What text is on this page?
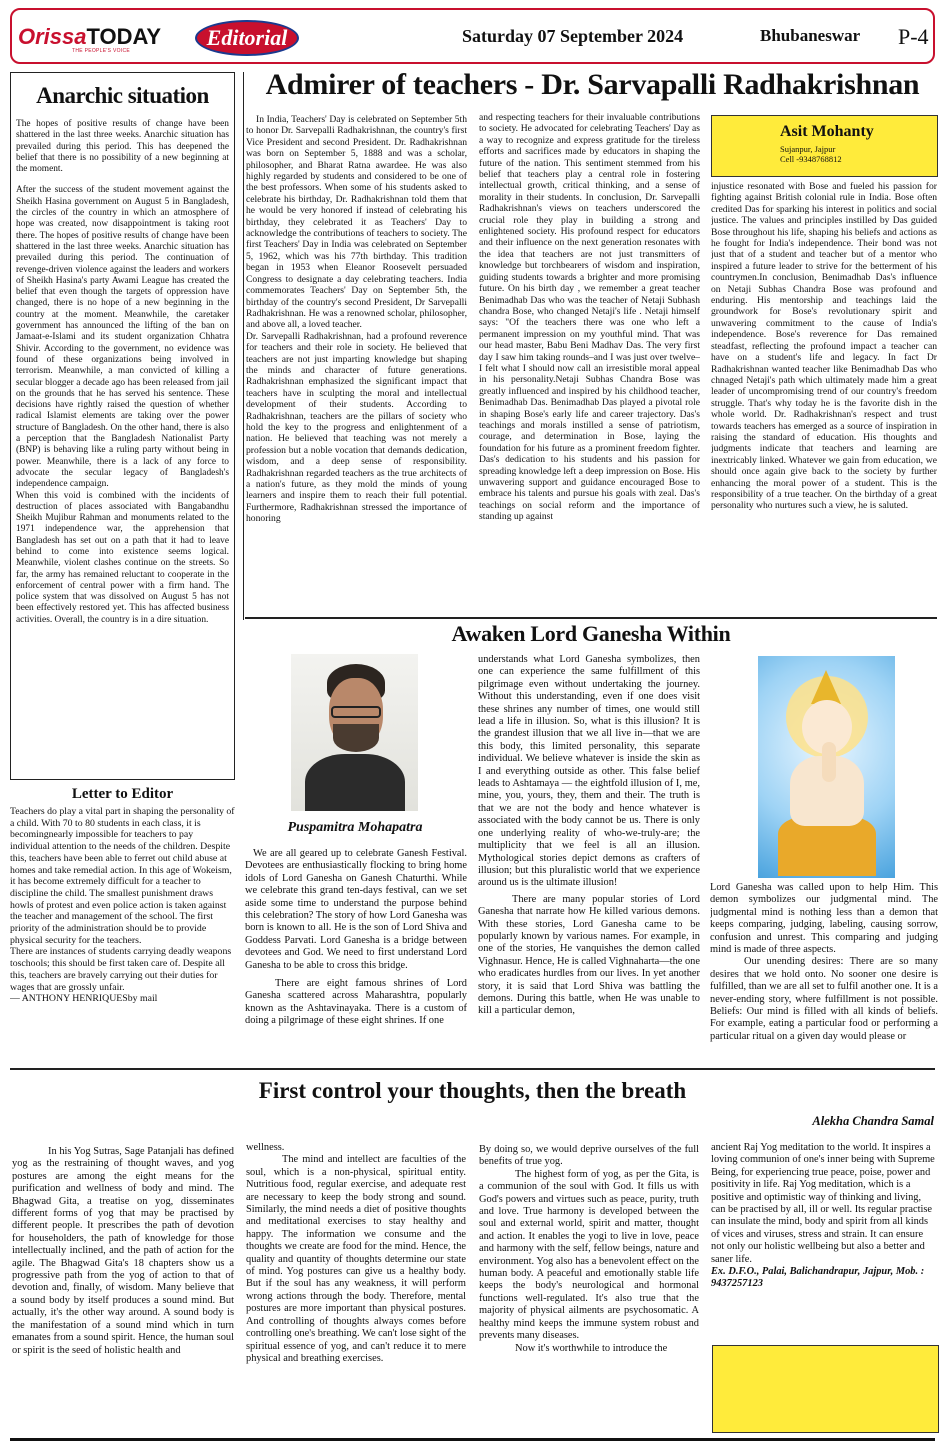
OrissaTODAY
THE PEOPLE'S VOICE
Editorial	Saturday 07 September 2024	Bhubaneswar P-4
Anarchic situation
The hopes of positive results of change have been shattered in the last three weeks. Anarchic situation has prevailed during this period. This has deepened the belief that there is no possibility of a new beginning at the moment.
After the success of the student movement against the Sheikh Hasina government on August 5 in Bangladesh, the circles of the country in which an atmosphere of hope was created, now disappointment is taking root there. The hopes of positive results of change have been shattered in the last three weeks. Anarchic situation has prevailed during this period. The continuation of revenge-driven violence against the leaders and workers of Sheikh Hasina's party Awami League has created the belief that even though the targets of oppression have changed, there is no hope of a new beginning in the country at the moment. Meanwhile, the caretaker government has announced the lifting of the ban on Jamaat-e-Islami and its student organization Chhatra Shivir. According to the government, no evidence was found of these organizations being involved in terrorism. Meanwhile, a man convicted of killing a secular blogger a decade ago has been released from jail on the grounds that he has served his sentence. These decisions have rightly raised the question of whether radical Islamist elements are taking over the power structure of Bangladesh. On the other hand, there is also a perception that the Bangladesh Nationalist Party (BNP) is behaving like a ruling party without being in power. Meanwhile, there is a lack of any force to advocate the secular legacy of Bangladesh's independence campaign.
When this void is combined with the incidents of destruction of places associated with Bangabandhu Sheikh Mujibur Rahman and monuments related to the 1971 independence war, the apprehension that Bangladesh has set out on a path that it had to leave behind to come into existence seems logical. Meanwhile, violent clashes continue on the streets. So far, the army has remained reluctant to cooperate in the enforcement of central power with a firm hand. The police system that was dissolved on August 5 has not been effectively restored yet. This has affected business activities. Overall, the country is in a dire situation.
Letter to Editor
Teachers do play a vital part in shaping the personality of a child. With 70 to 80 students in each class, it is becomingnearly impossible for teachers to pay individual attention to the needs of the children. Despite this, teachers have been able to ferret out child abuse at homes and take remedial action. In this age of Wokeism, it has become extremely difficult for a teacher to discipline the child. The smallest punishment draws howls of protest and even police action is taken against the teacher and management of the school. The first priority of the administration should be to provide physical security for the teachers.
There are instances of students carrying deadly weapons toschools; this should be first taken care of. Despite all this, teachers are bravely carrying out their duties for wages that are grossly unfair.
— ANTHONY HENRIQUESby mail
Admirer of teachers - Dr. Sarvapalli Radhakrishnan
In India, Teachers' Day is celebrated on September 5th to honor Dr. Sarvepalli Radhakrishnan, the country's first Vice President and second President. Dr. Radhakrishnan was born on September 5, 1888 and was a scholar, philosopher, and Bharat Ratna awardee. He was also highly regarded by students and considered to be one of the best professors. When some of his students asked to celebrate his birthday, Dr. Radhakrishnan told them that he would be very honored if instead of celebrating his birthday, they celebrated it as Teachers' Day to acknowledge the contributions of teachers to society. The first Teachers' Day in India was celebrated on September 5, 1962, which was his 77th birthday. This tradition began in 1953 when Eleanor Roosevelt persuaded Congress to designate a day celebrating teachers. India commemorates Teachers' Day on September 5th, the birthday of the country's second President, Dr Sarvepalli Radhakrishnan. He was a renowned scholar, philosopher, and above all, a loved teacher.
Dr. Sarvepalli Radhakrishnan, had a profound reverence for teachers and their role in society. He believed that teachers are not just imparting knowledge but shaping the minds and character of future generations. Radhakrishnan emphasized the significant impact that teachers have in sculpting the moral and intellectual development of their students. According to Radhakrishnan, teachers are the pillars of society who hold the key to the progress and enlightenment of a nation. He believed that teaching was not merely a profession but a noble vocation that demands dedication, wisdom, and a deep sense of responsibility. Radhakrishnan regarded teachers as the true architects of a nation's future, as they mold the minds of young learners and inspire them to reach their full potential. Furthermore, Radhakrishnan stressed the importance of honoring
and respecting teachers for their invaluable contributions to society. He advocated for celebrating Teachers' Day as a way to recognize and express gratitude for the tireless efforts and sacrifices made by educators in shaping the future of the nation. This sentiment stemmed from his belief that teachers play a central role in fostering intellectual growth, critical thinking, and a sense of morality in their students. In conclusion, Dr. Sarvepalli Radhakrishnan's views on teachers underscored the crucial role they play in building a strong and enlightened society. His profound respect for educators and their influence on the next generation resonates with the idea that teachers are not just transmitters of knowledge but torchbearers of wisdom and inspiration, guiding students towards a brighter and more promising future. On his birth day , we remember a great teacher Benimadhab Das who was the teacher of Netaji Subhash chandra Bose, who changed Netaji's life . Netaji himself says: "Of the teachers there was one who left a permanent impression on my youthful mind. That was our head master, Babu Beni Madhav Das. The very first day I saw him taking rounds–and I was just over twelve–I felt what I should now call an irresistible moral appeal in his personality.Netaji Subhas Chandra Bose was greatly influenced and inspired by his childhood teacher, Benimadhab Das. Benimadhab Das played a pivotal role in shaping Bose's early life and career trajectory. Das's teachings and morals instilled a sense of patriotism, courage, and determination in Bose, laying the foundation for his future as a prominent freedom fighter. Das's dedication to his students and his passion for spreading knowledge left a deep impression on Bose. His unwavering support and guidance encouraged Bose to embrace his talents and pursue his goals with zeal. Das's teachings on social reform and the importance of standing up against
Asit Mohanty
Sujanpur, Jajpur
Cell -9348768812
injustice resonated with Bose and fueled his passion for fighting against British colonial rule in India. Bose often credited Das for sparking his interest in politics and social justice. The values and principles instilled by Das guided Bose throughout his life, shaping his beliefs and actions as he fought for India's independence. Their bond was not just that of a student and teacher but of a mentor who inspired a future leader to strive for the betterment of his countrymen.In conclusion, Benimadhab Das's influence on Netaji Subhas Chandra Bose was profound and enduring. His mentorship and teachings laid the groundwork for Bose's revolutionary spirit and unwavering commitment to the cause of India's independence. Bose's reverence for Das remained steadfast, reflecting the profound impact a teacher can have on a student's life and legacy. In fact Dr Radhakrishnan wanted teacher like Benimadhab Das who chnaged Netaji's path which ultimately made him a great leader of uncompromising trend of our country's freedom struggle. That's why today he is the favorite dish in the whole world. Dr. Radhakrishnan's respect and trust towards teachers has emerged as a source of inspiration in raising the standard of education. His thoughts and judgments indicate that teachers and learning are inextricably linked. Whatever we gain from education, we should once again give back to the society by further enhancing the moral power of a student. This is the responsibility of a true teacher. On the birthday of a great personality who nurtures such a view, he is saluted.
Awaken Lord Ganesha Within
Puspamitra Mohapatra
We are all geared up to celebrate Ganesh Festival. Devotees are enthusiastically flocking to bring home idols of Lord Ganesha on Ganesh Chaturthi. While we celebrate this grand ten-days festival, can we set aside some time to understand the purpose behind this celebration? The story of how Lord Ganesha was born is known to all. He is the son of Lord Shiva and Goddess Parvati. Lord Ganesha is a bridge between devotees and God. We need to first understand Lord Ganesha to be able to cross this bridge.
There are eight famous shrines of Lord Ganesha scattered across Maharashtra, popularly known as the Ashtavinayaka. There is a custom of doing a pilgrimage of these eight shrines. If one
understands what Lord Ganesha symbolizes, then one can experience the same fulfillment of this pilgrimage even without undertaking the journey. Without this understanding, even if one does visit these shrines any number of times, one would still lead a life in illusion. So, what is this illusion? It is the grandest illusion that we all live in—that we are this body, this limited personality, this separate individual. We believe whatever is inside the skin as I and everything outside as other. This false belief leads to Ashtamaya — the eightfold illusion of I, me, mine, you, yours, they, them and their. The truth is that we are not the body and hence whatever is associated with the body cannot be us. There is only one underlying reality of who-we-truly-are; the multiplicity that we feel is all an illusion. Mythological stories depict demons as crafters of illusion; but this pluralistic world that we experience around us is the ultimate illusion!
There are many popular stories of Lord Ganesha that narrate how He killed various demons. With these stories, Lord Ganesha came to be popularly known by various names. For example, in one of the stories, He vanquishes the demon called Vighnasur. Hence, He is called Vighnaharta—the one who eradicates hurdles from our lives. In yet another story, it is said that Lord Shiva was battling the demons. During this battle, when He was unable to kill a particular demon,
Lord Ganesha was called upon to help Him. This demon symbolizes our judgmental mind. The judgmental mind is nothing less than a demon that keeps comparing, judging, labeling, causing sorrow, confusion and unrest. This comparing and judging mind is made of three aspects.
Our unending desires: There are so many desires that we hold onto. No sooner one desire is fulfilled, than we are all set to fulfil another one. It is a never-ending story, where fulfillment is not possible. Beliefs: Our mind is filled with all kinds of beliefs. For example, eating a particular food or performing a particular ritual on a given day would please or
First control your thoughts, then the breath
Alekha Chandra Samal
In his Yog Sutras, Sage Patanjali has defined yog as the restraining of thought waves, and yog postures are among the eight means for the purification and wellness of body and mind. The Bhagwad Gita, a treatise on yog, disseminates different forms of yog that may be practised by different people. It prescribes the path of devotion for householders, the path of knowledge for those intellectually inclined, and the path of action for the agile. The Bhagwad Gita's 18 chapters show us a progressive path from the yog of action to that of devotion and, finally, of wisdom. Many believe that a sound body by itself produces a sound mind. But actually, it's the other way around. A sound body is the manifestation of a sound mind which in turn emanates from a sound spirit. Hence, the human soul or spirit is the seed of holistic health and
wellness.
The mind and intellect are faculties of the soul, which is a non-physical, spiritual entity. Nutritious food, regular exercise, and adequate rest are necessary to keep the body strong and sound. Similarly, the mind needs a diet of positive thoughts and meditational exercises to stay healthy and happy. The information we consume and the thoughts we create are food for the mind. Hence, the quality and quantity of thoughts determine our state of mind. Yog postures can give us a healthy body. But if the soul has any weakness, it will perform wrong actions through the body. Therefore, mental postures are more important than physical postures. And controlling of thoughts always comes before controlling one's breathing. We can't lose sight of the spiritual essence of yog, and can't reduce it to mere physical and breathing exercises.
By doing so, we would deprive ourselves of the full benefits of true yog.
The highest form of yog, as per the Gita, is a communion of the soul with God. It fills us with God's powers and virtues such as peace, purity, truth and love. True harmony is developed between the soul and external world, spirit and matter, thought and action. It enables the yogi to live in love, peace and harmony with the self, fellow beings, nature and environment. Yog also has a benevolent effect on the human body. A peaceful and emotionally stable life keeps the body's neurological and hormonal functions well-regulated. It's also true that the majority of physical ailments are psychosomatic. A healthy mind keeps the immune system robust and prevents many diseases.
Now it's worthwhile to introduce the
ancient Raj Yog meditation to the world. It inspires a loving communion of one's inner being with Supreme Being, for experiencing true peace, poise, power and positivity in life. Raj Yog meditation, which is a positive and optimistic way of thinking and living, can be practised by all, ill or well. Its regular practise can insulate the mind, body and spirit from all kinds of vices and viruses, stress and strain. It can ensure not only our holistic wellbeing but also a better and saner life.
Ex. D.F.O., Palai, Balichandrapur, Jajpur, Mob. : 9437257123
